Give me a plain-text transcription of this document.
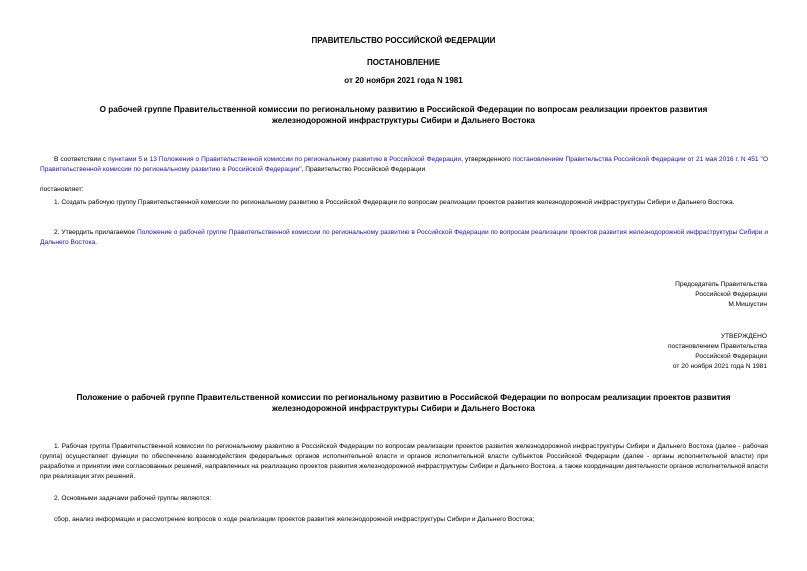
ПРАВИТЕЛЬСТВО РОССИЙСКОЙ ФЕДЕРАЦИИ
ПОСТАНОВЛЕНИЕ
от 20 ноября 2021 года N 1981
О рабочей группе Правительственной комиссии по региональному развитию в Российской Федерации по вопросам реализации проектов развития
железнодорожной инфраструктуры Сибири и Дальнего Востока
В соответствии с пунктами 5 и 13 Положения о Правительственной комиссии по региональному развитию в Российской Федерации, утвержденного постановлением Правительства Российской Федерации от 21 мая 2016 г. N 451 "О Правительственной комиссии по региональному развитию в Российской Федерации", Правительство Российской Федерации
постановляет:
1. Создать рабочую группу Правительственной комиссии по региональному развитию в Российской Федерации по вопросам реализации проектов развития железнодорожной инфраструктуры Сибири и Дальнего Востока.
2. Утвердить прилагаемое Положение о рабочей группе Правительственной комиссии по региональному развитию в Российской Федерации по вопросам реализации проектов развития железнодорожной инфраструктуры Сибири и Дальнего Востока.
Председатель Правительства
Российской Федерации
М.Мишустин
УТВЕРЖДЕНО
постановлением Правительства
Российской Федерации
от 20 ноября 2021 года N 1981
Положение о рабочей группе Правительственной комиссии по региональному развитию в Российской Федерации по вопросам реализации проектов развития
железнодорожной инфраструктуры Сибири и Дальнего Востока
1. Рабочая группа Правительственной комиссии по региональному развитию в Российской Федерации по вопросам реализации проектов развития железнодорожной инфраструктуры Сибири и Дальнего Востока (далее - рабочая группа) осуществляет функции по обеспечению взаимодействия федеральных органов исполнительной власти и органов исполнительной власти субъектов Российской Федерации (далее - органы исполнительной власти) при разработке и принятии ими согласованных решений, направленных на реализацию проектов развития железнодорожной инфраструктуры Сибири и Дальнего Востока, а также координации деятельности органов исполнительной власти при реализации этих решений.
2. Основными задачами рабочей группы являются:
сбор, анализ информации и рассмотрение вопросов о ходе реализации проектов развития железнодорожной инфраструктуры Сибири и Дальнего Востока;
